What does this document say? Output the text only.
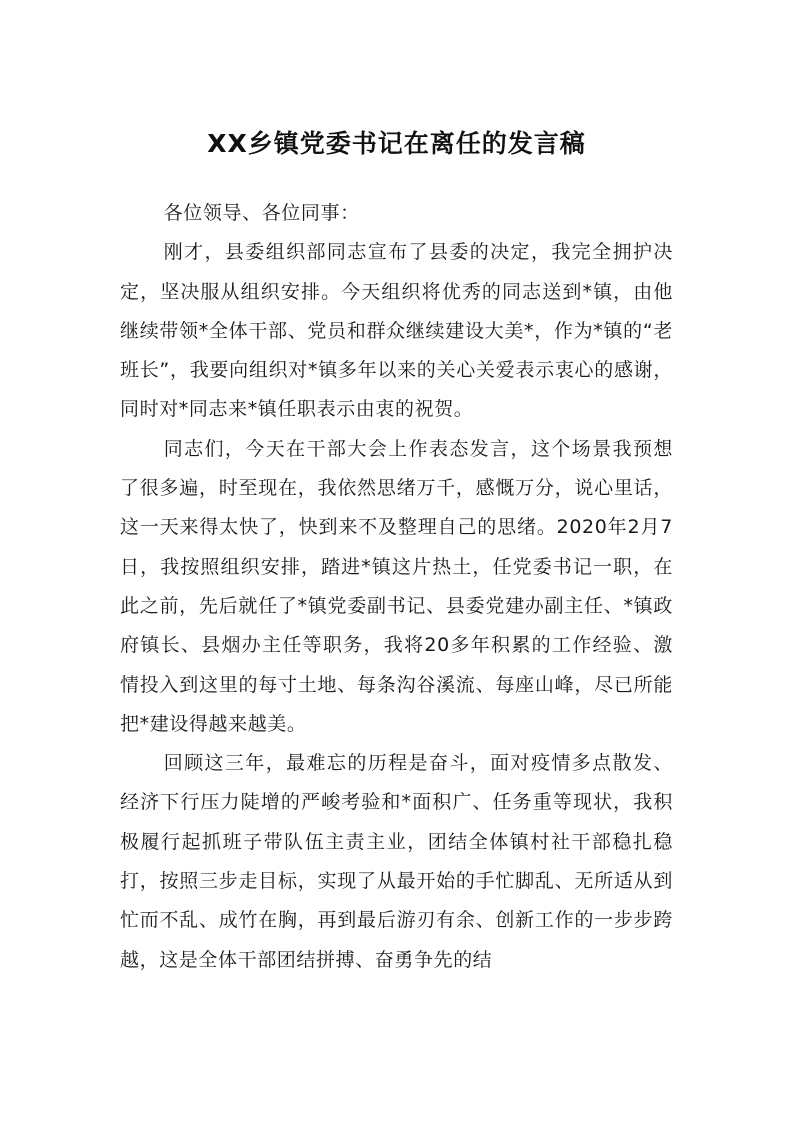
XX乡镇党委书记在离任的发言稿

各位领导、各位同事：

刚才，县委组织部同志宣布了县委的决定，我完全拥护决定，坚决服从组织安排。今天组织将优秀的同志送到*镇，由他继续带领*全体干部、党员和群众继续建设大美*，作为*镇的“老班长”，我要向组织对*镇多年以来的关心关爱表示衷心的感谢，同时对*同志来*镇任职表示由衷的祝贺。

同志们，今天在干部大会上作表态发言，这个场景我预想了很多遍，时至现在，我依然思绪万千，感慨万分，说心里话，这一天来得太快了，快到来不及整理自己的思绪。2020年2月7日，我按照组织安排，踏进*镇这片热土，任党委书记一职，在此之前，先后就任了*镇党委副书记、县委党建办副主任、*镇政府镇长、县烟办主任等职务，我将20多年积累的工作经验、激情投入到这里的每寸土地、每条沟谷溪流、每座山峰，尽已所能把*建设得越来越美。

回顾这三年，最难忘的历程是奋斗，面对疫情多点散发、经济下行压力陡增的严峻考验和*面积广、任务重等现状，我积极履行起抓班子带队伍主责主业，团结全体镇村社干部稳扎稳打，按照三步走目标，实现了从最开始的手忙脚乱、无所适从到忙而不乱、成竹在胸，再到最后游刃有余、创新工作的一步步跨越，这是全体干部团结拼搏、奋勇争先的结
